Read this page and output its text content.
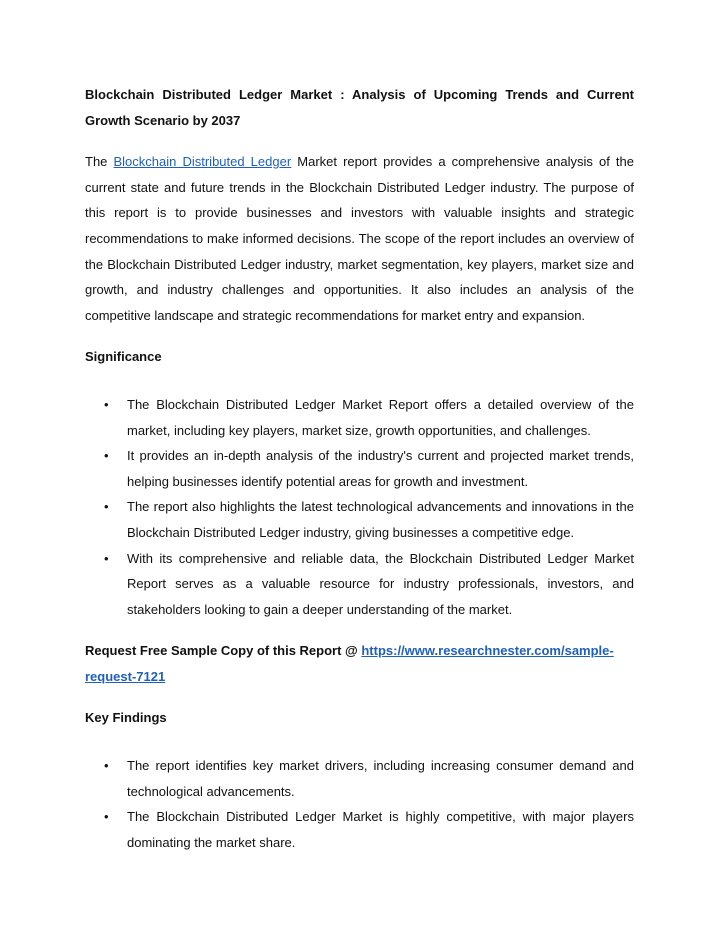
Blockchain Distributed Ledger Market : Analysis of Upcoming Trends and Current Growth Scenario by 2037

The Blockchain Distributed Ledger Market report provides a comprehensive analysis of the current state and future trends in the Blockchain Distributed Ledger industry. The purpose of this report is to provide businesses and investors with valuable insights and strategic recommendations to make informed decisions. The scope of the report includes an overview of the Blockchain Distributed Ledger industry, market segmentation, key players, market size and growth, and industry challenges and opportunities. It also includes an analysis of the competitive landscape and strategic recommendations for market entry and expansion.

Significance

• The Blockchain Distributed Ledger Market Report offers a detailed overview of the market, including key players, market size, growth opportunities, and challenges.
• It provides an in-depth analysis of the industry's current and projected market trends, helping businesses identify potential areas for growth and investment.
• The report also highlights the latest technological advancements and innovations in the Blockchain Distributed Ledger industry, giving businesses a competitive edge.
• With its comprehensive and reliable data, the Blockchain Distributed Ledger Market Report serves as a valuable resource for industry professionals, investors, and stakeholders looking to gain a deeper understanding of the market.

Request Free Sample Copy of this Report @ https://www.researchnester.com/sample-request-7121

Key Findings

• The report identifies key market drivers, including increasing consumer demand and technological advancements.
• The Blockchain Distributed Ledger Market is highly competitive, with major players dominating the market share.
